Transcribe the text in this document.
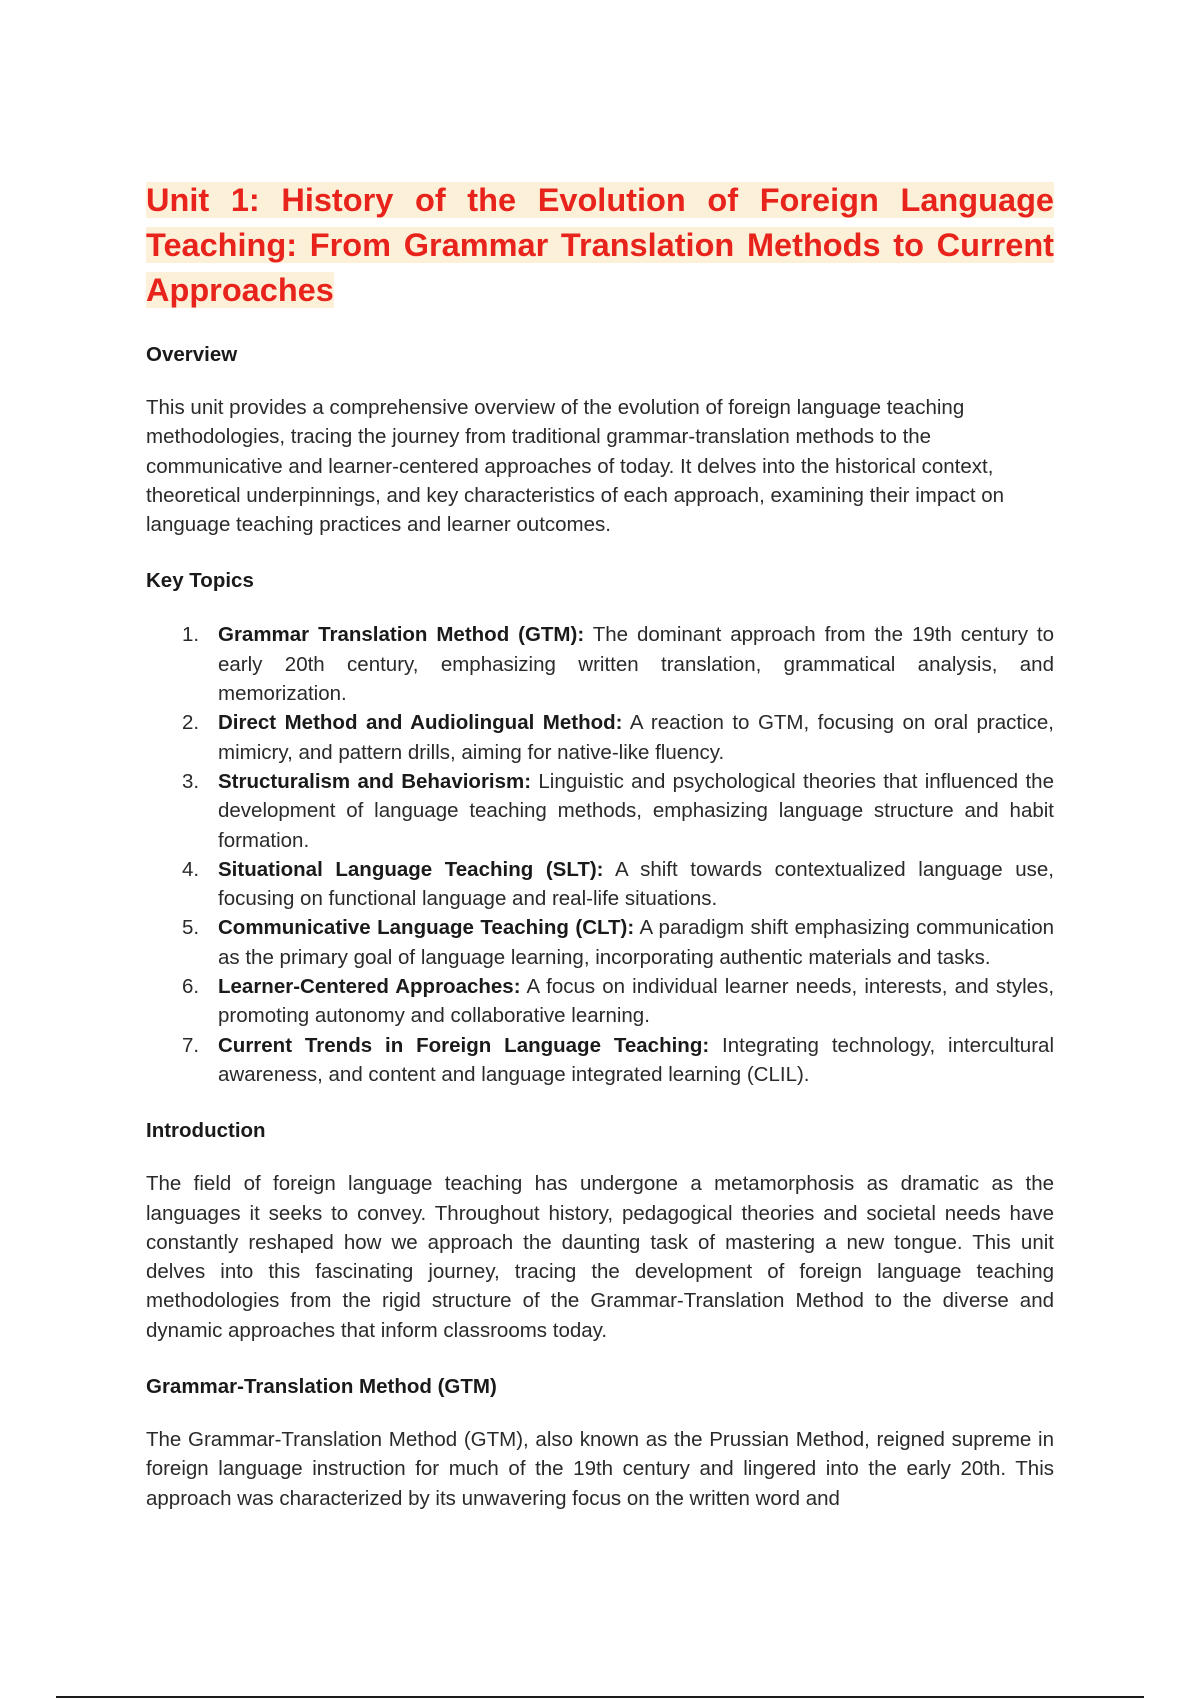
Unit 1: History of the Evolution of Foreign Language Teaching: From Grammar Translation Methods to Current Approaches
Overview

This unit provides a comprehensive overview of the evolution of foreign language teaching methodologies, tracing the journey from traditional grammar-translation methods to the communicative and learner-centered approaches of today. It delves into the historical context, theoretical underpinnings, and key characteristics of each approach, examining their impact on language teaching practices and learner outcomes.

Key Topics
1. Grammar Translation Method (GTM): The dominant approach from the 19th century to early 20th century, emphasizing written translation, grammatical analysis, and memorization.
2. Direct Method and Audiolingual Method: A reaction to GTM, focusing on oral practice, mimicry, and pattern drills, aiming for native-like fluency.
3. Structuralism and Behaviorism: Linguistic and psychological theories that influenced the development of language teaching methods, emphasizing language structure and habit formation.
4. Situational Language Teaching (SLT): A shift towards contextualized language use, focusing on functional language and real-life situations.
5. Communicative Language Teaching (CLT): A paradigm shift emphasizing communication as the primary goal of language learning, incorporating authentic materials and tasks.
6. Learner-Centered Approaches: A focus on individual learner needs, interests, and styles, promoting autonomy and collaborative learning.
7. Current Trends in Foreign Language Teaching: Integrating technology, intercultural awareness, and content and language integrated learning (CLIL).
Introduction

The field of foreign language teaching has undergone a metamorphosis as dramatic as the languages it seeks to convey. Throughout history, pedagogical theories and societal needs have constantly reshaped how we approach the daunting task of mastering a new tongue. This unit delves into this fascinating journey, tracing the development of foreign language teaching methodologies from the rigid structure of the Grammar-Translation Method to the diverse and dynamic approaches that inform classrooms today.

Grammar-Translation Method (GTM)

The Grammar-Translation Method (GTM), also known as the Prussian Method, reigned supreme in foreign language instruction for much of the 19th century and lingered into the early 20th. This approach was characterized by its unwavering focus on the written word and
